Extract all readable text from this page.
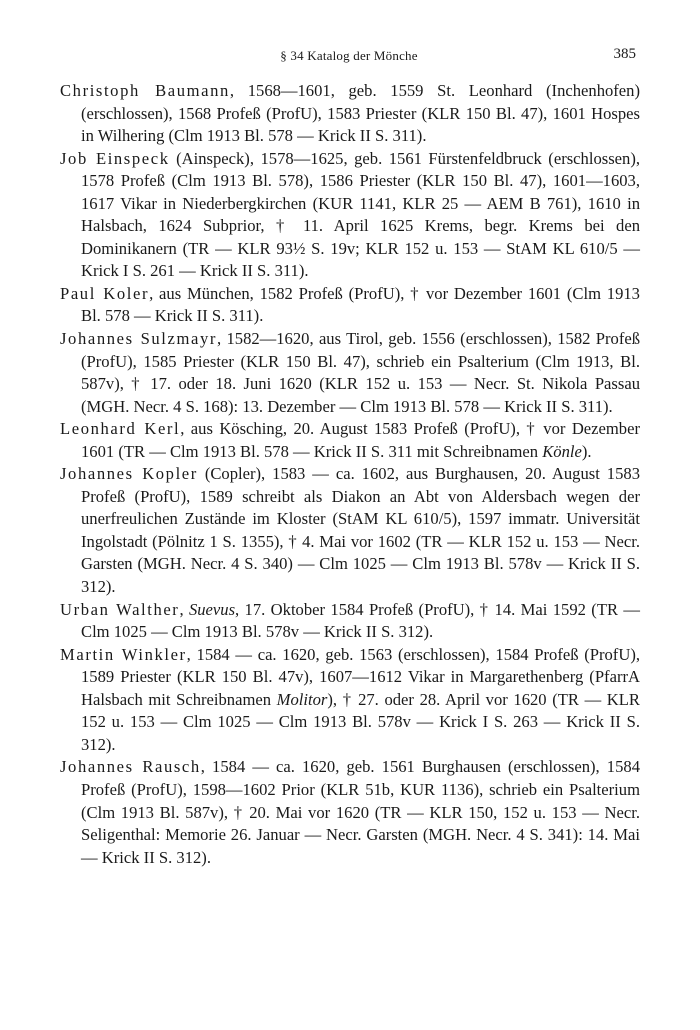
§ 34 Katalog der Mönche	385

Christoph Baumann, 1568—1601, geb. 1559 St. Leonhard (Inchenhofen) (erschlossen), 1568 Profeß (ProfU), 1583 Priester (KLR 150 Bl. 47), 1601 Hospes in Wilhering (Clm 1913 Bl. 578 — Krick II S. 311).

Job Einspeck (Ainspeck), 1578—1625, geb. 1561 Fürstenfeldbruck (erschlossen), 1578 Profeß (Clm 1913 Bl. 578), 1586 Priester (KLR 150 Bl. 47), 1601—1603, 1617 Vikar in Niederbergkirchen (KUR 1141, KLR 25 — AEM B 761), 1610 in Halsbach, 1624 Subprior, † 11. April 1625 Krems, begr. Krems bei den Dominikanern (TR — KLR 93½ S. 19v; KLR 152 u. 153 — StAM KL 610/5 — Krick I S. 261 — Krick II S. 311).

Paul Koler, aus München, 1582 Profeß (ProfU), † vor Dezember 1601 (Clm 1913 Bl. 578 — Krick II S. 311).

Johannes Sulzmayr, 1582—1620, aus Tirol, geb. 1556 (erschlossen), 1582 Profeß (ProfU), 1585 Priester (KLR 150 Bl. 47), schrieb ein Psalterium (Clm 1913, Bl. 587v), † 17. oder 18. Juni 1620 (KLR 152 u. 153 — Necr. St. Nikola Passau (MGH. Necr. 4 S. 168): 13. Dezember — Clm 1913 Bl. 578 — Krick II S. 311).

Leonhard Kerl, aus Kösching, 20. August 1583 Profeß (ProfU), † vor Dezember 1601 (TR — Clm 1913 Bl. 578 — Krick II S. 311 mit Schreibnamen Könle).

Johannes Kopler (Copler), 1583 — ca. 1602, aus Burghausen, 20. August 1583 Profeß (ProfU), 1589 schreibt als Diakon an Abt von Aldersbach wegen der unerfreulichen Zustände im Kloster (StAM KL 610/5), 1597 immatr. Universität Ingolstadt (Pölnitz 1 S. 1355), † 4. Mai vor 1602 (TR — KLR 152 u. 153 — Necr. Garsten (MGH. Necr. 4 S. 340) — Clm 1025 — Clm 1913 Bl. 578v — Krick II S. 312).

Urban Walther, Suevus, 17. Oktober 1584 Profeß (ProfU), † 14. Mai 1592 (TR — Clm 1025 — Clm 1913 Bl. 578v — Krick II S. 312).

Martin Winkler, 1584 — ca. 1620, geb. 1563 (erschlossen), 1584 Profeß (ProfU), 1589 Priester (KLR 150 Bl. 47v), 1607—1612 Vikar in Margarethenberg (PfarrA Halsbach mit Schreibnamen Molitor), † 27. oder 28. April vor 1620 (TR — KLR 152 u. 153 — Clm 1025 — Clm 1913 Bl. 578v — Krick I S. 263 — Krick II S. 312).

Johannes Rausch, 1584 — ca. 1620, geb. 1561 Burghausen (erschlossen), 1584 Profeß (ProfU), 1598—1602 Prior (KLR 51b, KUR 1136), schrieb ein Psalterium (Clm 1913 Bl. 587v), † 20. Mai vor 1620 (TR — KLR 150, 152 u. 153 — Necr. Seligenthal: Memorie 26. Januar — Necr. Garsten (MGH. Necr. 4 S. 341): 14. Mai — Krick II S. 312).
